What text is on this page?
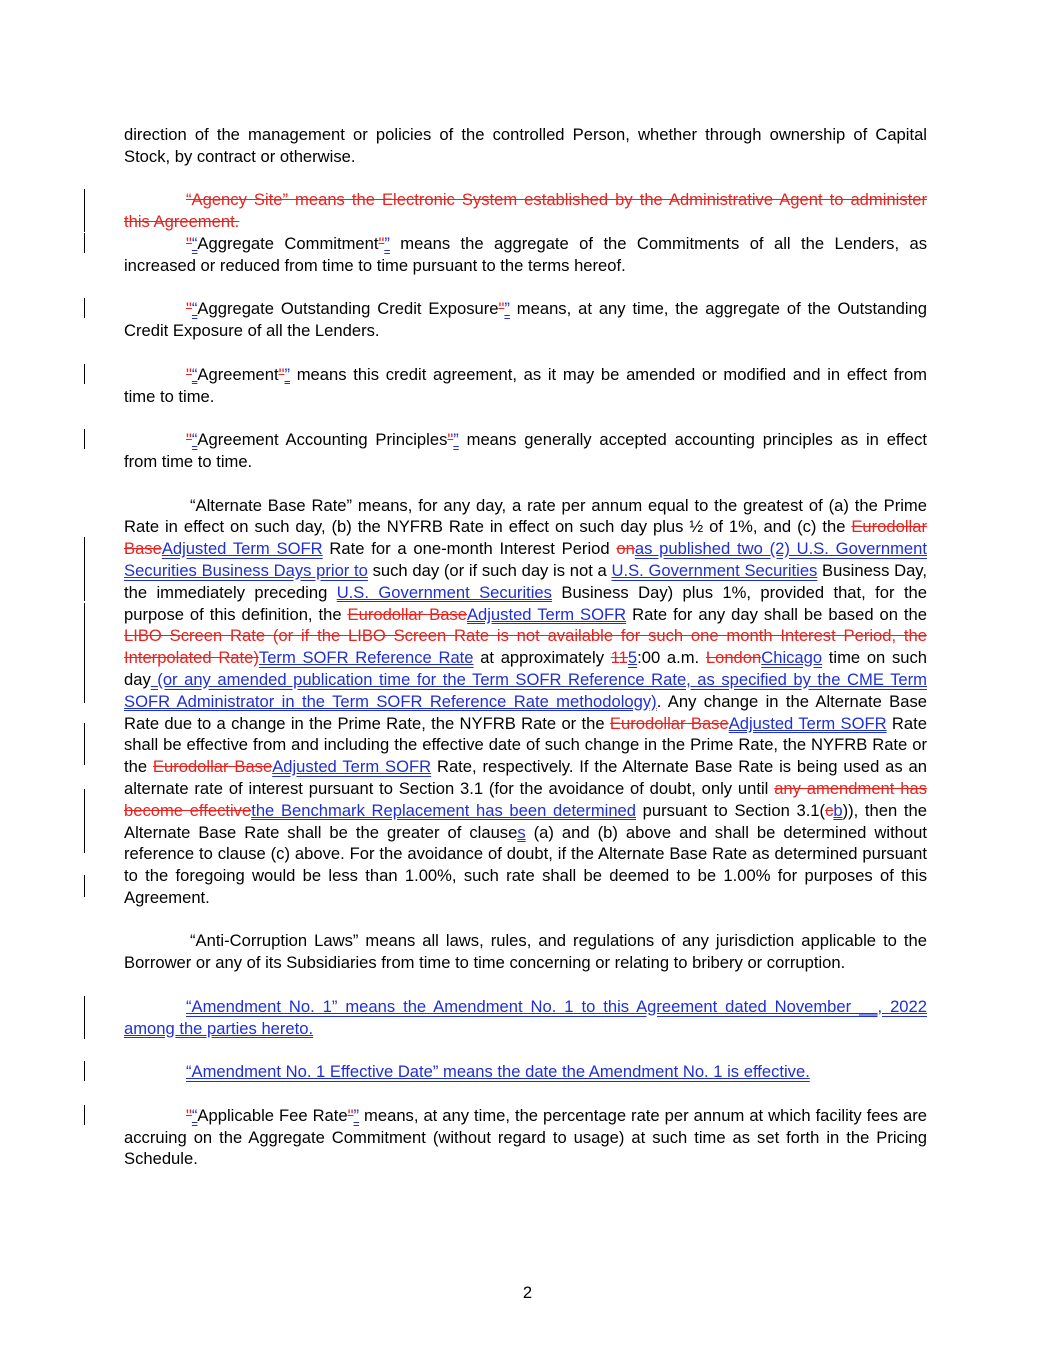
direction of the management or policies of the controlled Person, whether through ownership of Capital Stock, by contract or otherwise.

“Agency Site” means the Electronic System established by the Administrative Agent to administer this Agreement.

"“Aggregate Commitment"” means the aggregate of the Commitments of all the Lenders, as increased or reduced from time to time pursuant to the terms hereof.

"“Aggregate Outstanding Credit Exposure"” means, at any time, the aggregate of the Outstanding Credit Exposure of all the Lenders.

"“Agreement"” means this credit agreement, as it may be amended or modified and in effect from time to time.

"“Agreement Accounting Principles"” means generally accepted accounting principles as in effect from time to time.

“Alternate Base Rate” means, for any day, a rate per annum equal to the greatest of (a) the Prime Rate in effect on such day, (b) the NYFRB Rate in effect on such day plus ½ of 1%, and (c) the Eurodollar BaseAdjusted Term SOFR Rate for a one-month Interest Period onas published two (2) U.S. Government Securities Business Days prior to such day (or if such day is not a U.S. Government Securities Business Day, the immediately preceding U.S. Government Securities Business Day) plus 1%, provided that, for the purpose of this definition, the Eurodollar BaseAdjusted Term SOFR Rate for any day shall be based on the LIBO Screen Rate (or if the LIBO Screen Rate is not available for such one month Interest Period, the Interpolated Rate)Term SOFR Reference Rate at approximately 115:00 a.m. LondonChicago time on such day (or any amended publication time for the Term SOFR Reference Rate, as specified by the CME Term SOFR Administrator in the Term SOFR Reference Rate methodology). Any change in the Alternate Base Rate due to a change in the Prime Rate, the NYFRB Rate or the Eurodollar BaseAdjusted Term SOFR Rate shall be effective from and including the effective date of such change in the Prime Rate, the NYFRB Rate or the Eurodollar BaseAdjusted Term SOFR Rate, respectively. If the Alternate Base Rate is being used as an alternate rate of interest pursuant to Section 3.1 (for the avoidance of doubt, only until any amendment has become effectivethe Benchmark Replacement has been determined pursuant to Section 3.1(cb)), then the Alternate Base Rate shall be the greater of clauses (a) and (b) above and shall be determined without reference to clause (c) above. For the avoidance of doubt, if the Alternate Base Rate as determined pursuant to the foregoing would be less than 1.00%, such rate shall be deemed to be 1.00% for purposes of this Agreement.

“Anti-Corruption Laws” means all laws, rules, and regulations of any jurisdiction applicable to the Borrower or any of its Subsidiaries from time to time concerning or relating to bribery or corruption.

“Amendment No. 1” means the Amendment No. 1 to this Agreement dated November __, 2022 among the parties hereto.

“Amendment No. 1 Effective Date” means the date the Amendment No. 1 is effective.

"“Applicable Fee Rate"” means, at any time, the percentage rate per annum at which facility fees are accruing on the Aggregate Commitment (without regard to usage) at such time as set forth in the Pricing Schedule.

2
